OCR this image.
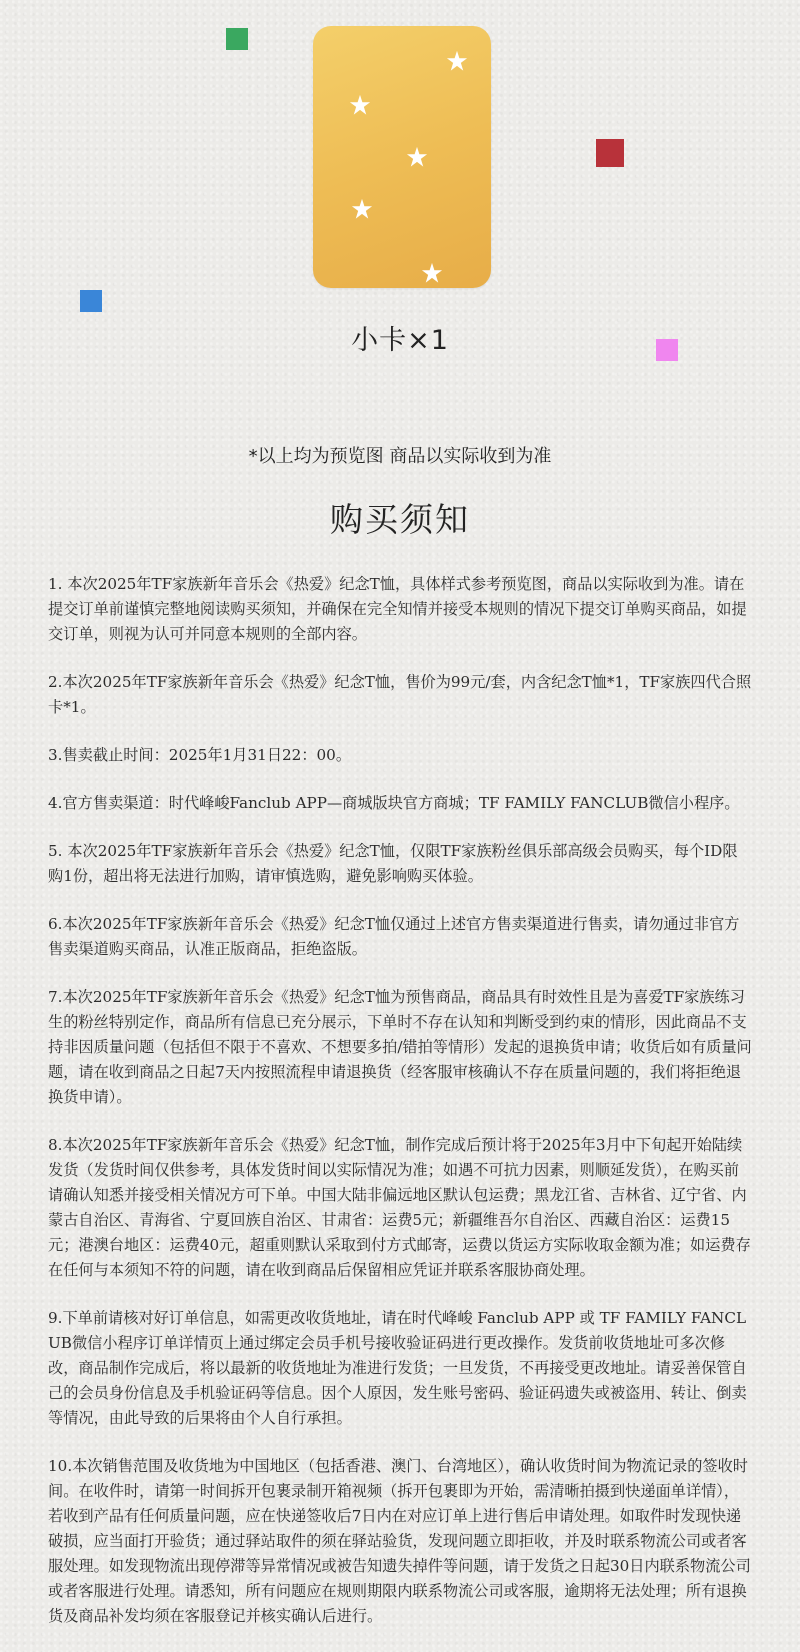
小卡×1
*以上均为预览图 商品以实际收到为准
购买须知

1. 本次2025年TF家族新年音乐会《热爱》纪念T恤，具体样式参考预览图，商品以实际收到为准。请在提交订单前谨慎完整地阅读购买须知，并确保在完全知情并接受本规则的情况下提交订单购买商品，如提交订单，则视为认可并同意本规则的全部内容。

2.本次2025年TF家族新年音乐会《热爱》纪念T恤，售价为99元/套，内含纪念T恤*1，TF家族四代合照卡*1。

3.售卖截止时间：2025年1月31日22：00。

4.官方售卖渠道：时代峰峻Fanclub APP—商城版块官方商城；TF FAMILY FANCLUB微信小程序。

5. 本次2025年TF家族新年音乐会《热爱》纪念T恤，仅限TF家族粉丝俱乐部高级会员购买，每个ID限购1份，超出将无法进行加购，请审慎选购，避免影响购买体验。

6.本次2025年TF家族新年音乐会《热爱》纪念T恤仅通过上述官方售卖渠道进行售卖，请勿通过非官方售卖渠道购买商品，认准正版商品，拒绝盗版。

7.本次2025年TF家族新年音乐会《热爱》纪念T恤为预售商品，商品具有时效性且是为喜爱TF家族练习生的粉丝特别定作，商品所有信息已充分展示，下单时不存在认知和判断受到约束的情形，因此商品不支持非因质量问题（包括但不限于不喜欢、不想要多拍/错拍等情形）发起的退换货申请；收货后如有质量问题，请在收到商品之日起7天内按照流程申请退换货（经客服审核确认不存在质量问题的，我们将拒绝退换货申请）。

8.本次2025年TF家族新年音乐会《热爱》纪念T恤，制作完成后预计将于2025年3月中下旬起开始陆续发货（发货时间仅供参考，具体发货时间以实际情况为准；如遇不可抗力因素，则顺延发货），在购买前请确认知悉并接受相关情况方可下单。中国大陆非偏远地区默认包运费；黑龙江省、吉林省、辽宁省、内蒙古自治区、青海省、宁夏回族自治区、甘肃省：运费5元；新疆维吾尔自治区、西藏自治区：运费15元；港澳台地区：运费40元，超重则默认采取到付方式邮寄，运费以货运方实际收取金额为准；如运费存在任何与本须知不符的问题，请在收到商品后保留相应凭证并联系客服协商处理。

9.下单前请核对好订单信息，如需更改收货地址，请在时代峰峻 Fanclub APP 或 TF FAMILY FANCLUB微信小程序订单详情页上通过绑定会员手机号接收验证码进行更改操作。发货前收货地址可多次修改，商品制作完成后，将以最新的收货地址为准进行发货；一旦发货，不再接受更改地址。请妥善保管自己的会员身份信息及手机验证码等信息。因个人原因，发生账号密码、验证码遗失或被盗用、转让、倒卖等情况，由此导致的后果将由个人自行承担。

10.本次销售范围及收货地为中国地区（包括香港、澳门、台湾地区），确认收货时间为物流记录的签收时间。在收件时，请第一时间拆开包裹录制开箱视频（拆开包裹即为开始，需清晰拍摄到快递面单详情），若收到产品有任何质量问题，应在快递签收后7日内在对应订单上进行售后申请处理。如取件时发现快递破损，应当面打开验货；通过驿站取件的须在驿站验货，发现问题立即拒收，并及时联系物流公司或者客服处理。如发现物流出现停滞等异常情况或被告知遗失掉件等问题，请于发货之日起30日内联系物流公司或者客服进行处理。请悉知，所有问题应在规则期限内联系物流公司或客服，逾期将无法处理；所有退换货及商品补发均须在客服登记并核实确认后进行。
